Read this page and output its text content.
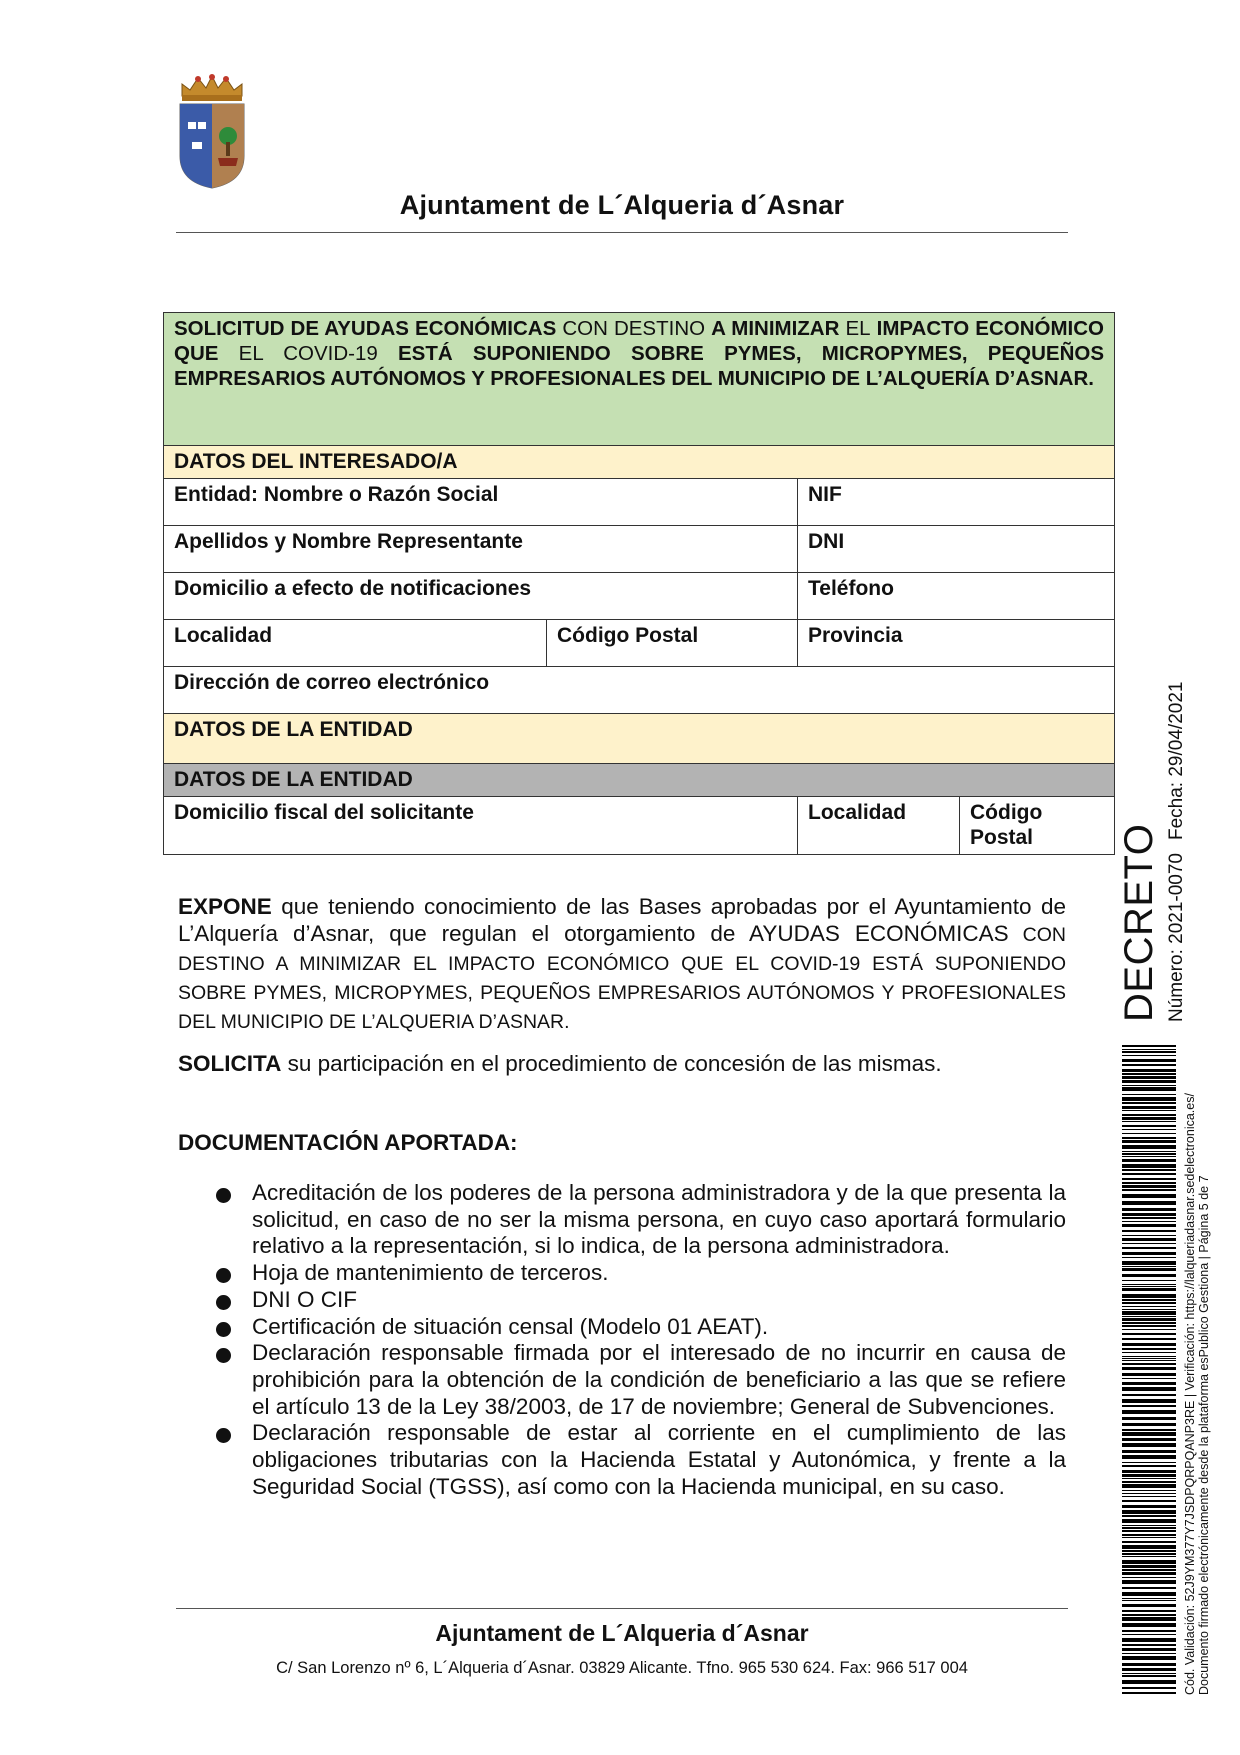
Ajuntament de L´Alqueria d´Asnar
SOLICITUD DE AYUDAS ECONÓMICAS CON DESTINO A MINIMIZAR EL IMPACTO ECONÓMICO QUE EL COVID-19 ESTÁ SUPONIENDO SOBRE PYMES, MICROPYMES, PEQUEÑOS EMPRESARIOS AUTÓNOMOS Y PROFESIONALES DEL MUNICIPIO DE L’ALQUERÍA D’ASNAR.			
DATOS DEL INTERESADO/A			
Entidad: Nombre o Razón Social		NIF	
Apellidos y Nombre Representante		DNI	
Domicilio a efecto de notificaciones		Teléfono	
Localidad	Código Postal	Provincia	
Dirección de correo electrónico			
DATOS DE LA ENTIDAD			
DATOS DE LA ENTIDAD			
Domicilio fiscal del solicitante		Localidad	Código Postal
EXPONE que teniendo conocimiento de las Bases aprobadas por el Ayuntamiento de L’Alquería d’Asnar, que regulan el otorgamiento de AYUDAS ECONÓMICAS CON DESTINO A MINIMIZAR EL IMPACTO ECONÓMICO QUE EL COVID-19 ESTÁ SUPONIENDO SOBRE PYMES, MICROPYMES, PEQUEÑOS EMPRESARIOS AUTÓNOMOS Y PROFESIONALES DEL MUNICIPIO DE L’ALQUERIA D’ASNAR.
SOLICITA su participación en el procedimiento de concesión de las mismas.
DOCUMENTACIÓN APORTADA:
Acreditación de los poderes de la persona administradora y de la que presenta la solicitud, en caso de no ser la misma persona, en cuyo caso aportará formulario relativo a la representación, si lo indica, de la persona administradora.
Hoja de mantenimiento de terceros.
DNI O CIF
Certificación de situación censal (Modelo 01 AEAT).
Declaración responsable firmada por el interesado de no incurrir en causa de prohibición para la obtención de la condición de beneficiario a las que se refiere el artículo 13 de la Ley 38/2003, de 17 de noviembre; General de Subvenciones.
Declaración responsable de estar al corriente en el cumplimiento de las obligaciones tributarias con la Hacienda Estatal y Autonómica, y frente a la Seguridad Social (TGSS), así como con la Hacienda municipal, en su caso.
Ajuntament de L´Alqueria d´Asnar
C/ San Lorenzo nº 6, L´Alqueria d´Asnar. 03829 Alicante. Tfno. 965 530 624. Fax: 966 517 004
DECRETO Número: 2021-0070
Fecha: 29/04/2021
Cód. Validación: 52J9YM377Y7JSDPQRPQANP3RE | Verificación: https://lalqueriadasnar.sedelectronica.es/ Documento firmado electrónicamente desde la plataforma esPublico Gestiona | Página 5 de 7
